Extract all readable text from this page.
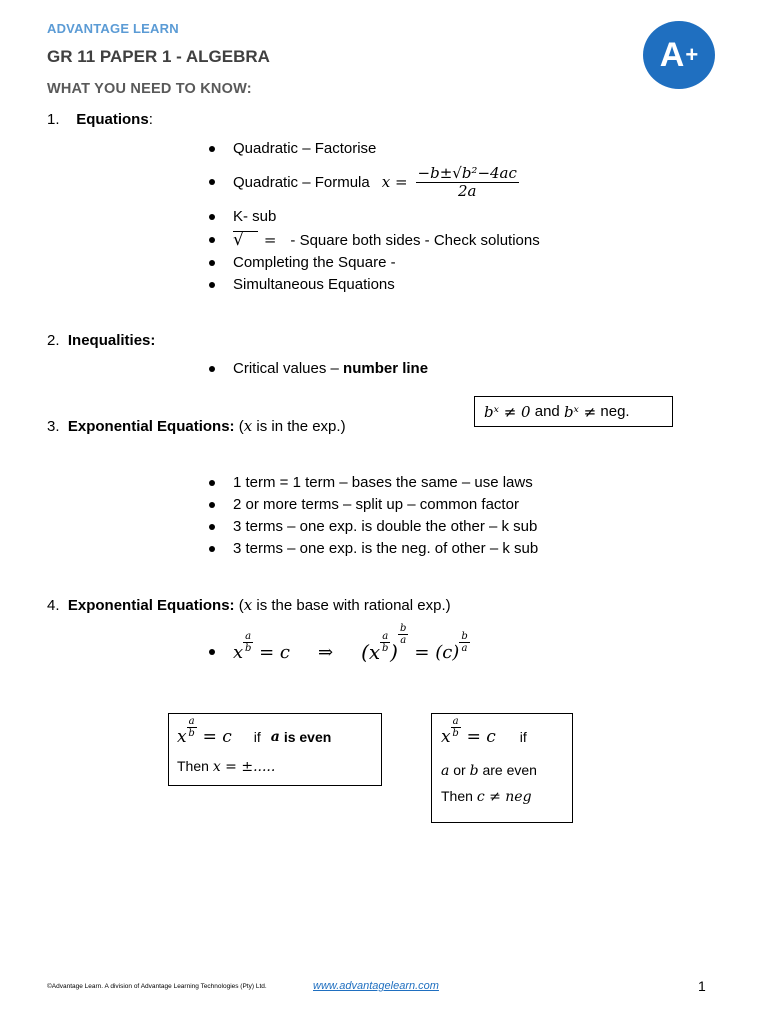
ADVANTAGE LEARN
GR 11 PAPER 1 - ALGEBRA
WHAT YOU NEED TO KNOW:
A +
1. Equations:
Quadratic – Factorise
Quadratic – Formula $x = \frac{\text{−b±√b²−4ac}}{2a}$
K- sub
√	= - Square both sides - Check solutions
Completing the Square -
Simultaneous Equations
2. Inequalities:
Critical values –
number line
bˣ ≠ 0
and
bˣ ≠
neg.
3. Exponential Equations: (x is in the exp.)
1 term = 1 term – bases the same – use laws
2 or more terms – split up – common factor
3 terms – one exp. is double the other – k sub
3 terms – one exp. is the neg. of other – k sub
4. Exponential Equations: (x is the base with rational exp.)
x $\frac{a}{b} = c$ ⇒ ($x \frac{a}{b}$ )
$\frac{b}{a}$
= $(c) \frac{b}{a}$
x $\frac{a}{b} = c$ if a is even
Then x = ±.....
x $\frac{a}{b} = c$ if
a or b are even
Then c ≠ neg
©Advantage Learn. A division of Advantage Learning Technologies (Pty) Ltd.	www.advantagelearn.com	1
